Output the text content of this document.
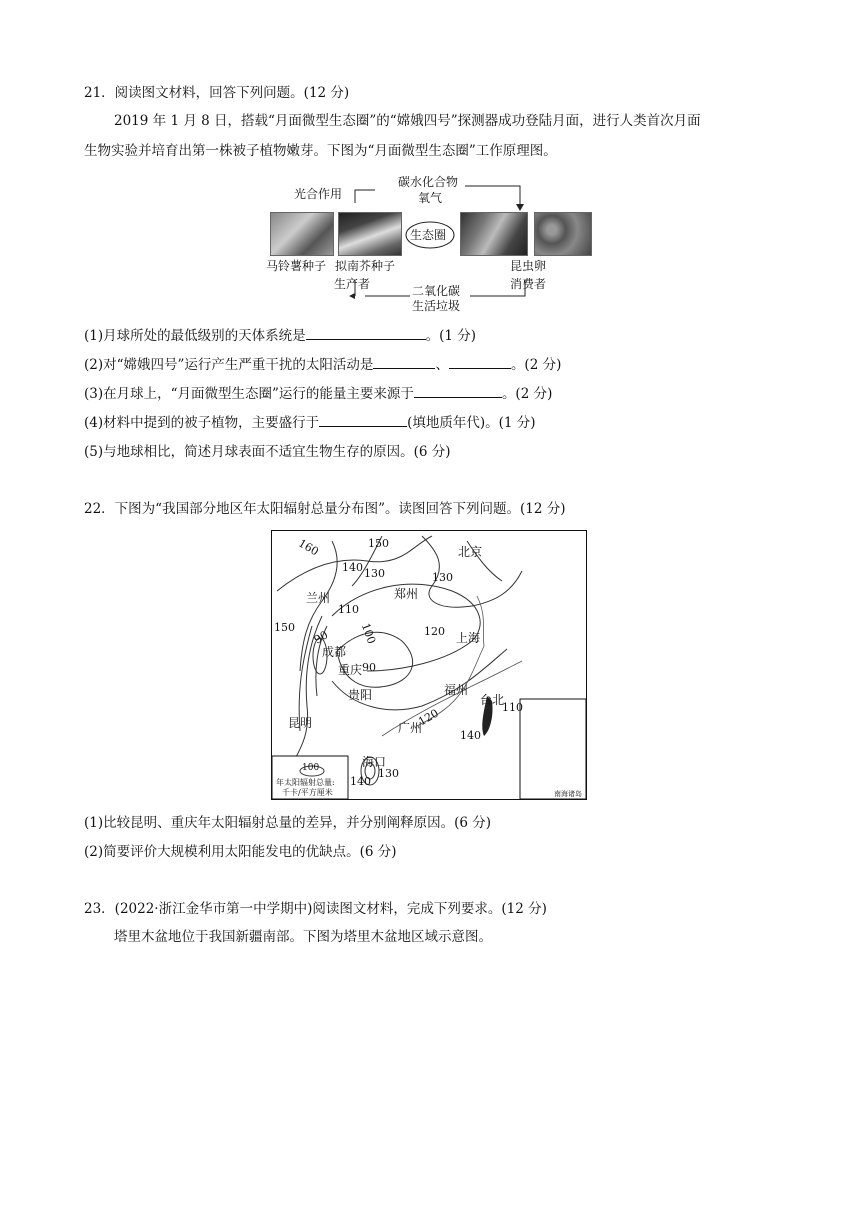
21．阅读图文材料，回答下列问题。(12 分)
2019 年 1 月 8 日，搭载“月面微型生态圈”的“嫦娥四号”探测器成功登陆月面，进行人类首次月面
生物实验并培育出第一株被子植物嫩芽。下图为“月面微型生态圈”工作原理图。
光合作用
碳水化合物
氧气
生态圈
马铃薯种子 拟南芥种子
生产者
昆虫卵
消费者
二氧化碳
生活垃圾
(1)月球所处的最低级别的天体系统是	。(1 分)
(2)对“嫦娥四号”运行产生严重干扰的太阳活动是	、	。(2 分)
(3)在月球上，“月面微型生态圈”运行的能量主要来源于	。(2 分)
(4)材料中提到的被子植物，主要盛行于	(填地质年代)。(1 分)
(5)与地球相比，简述月球表面不适宜生物生存的原因。(6 分)
22．下图为“我国部分地区年太阳辐射总量分布图”。读图回答下列问题。(12 分)
北京
兰州	郑州
成都
上海
重庆
贵阳	福州
台北
昆明	广州
海口
160	150
140 130	130
110
100	120
150
90
90
120	110
140
130
140
100
年太阳辐射总量:
千卡/平方厘米	南海诸岛
(1)比较昆明、重庆年太阳辐射总量的差异，并分别阐释原因。(6 分)
(2)简要评价大规模利用太阳能发电的优缺点。(6 分)
23．(2022·浙江金华市第一中学期中)阅读图文材料，完成下列要求。(12 分)
塔里木盆地位于我国新疆南部。下图为塔里木盆地区域示意图。
